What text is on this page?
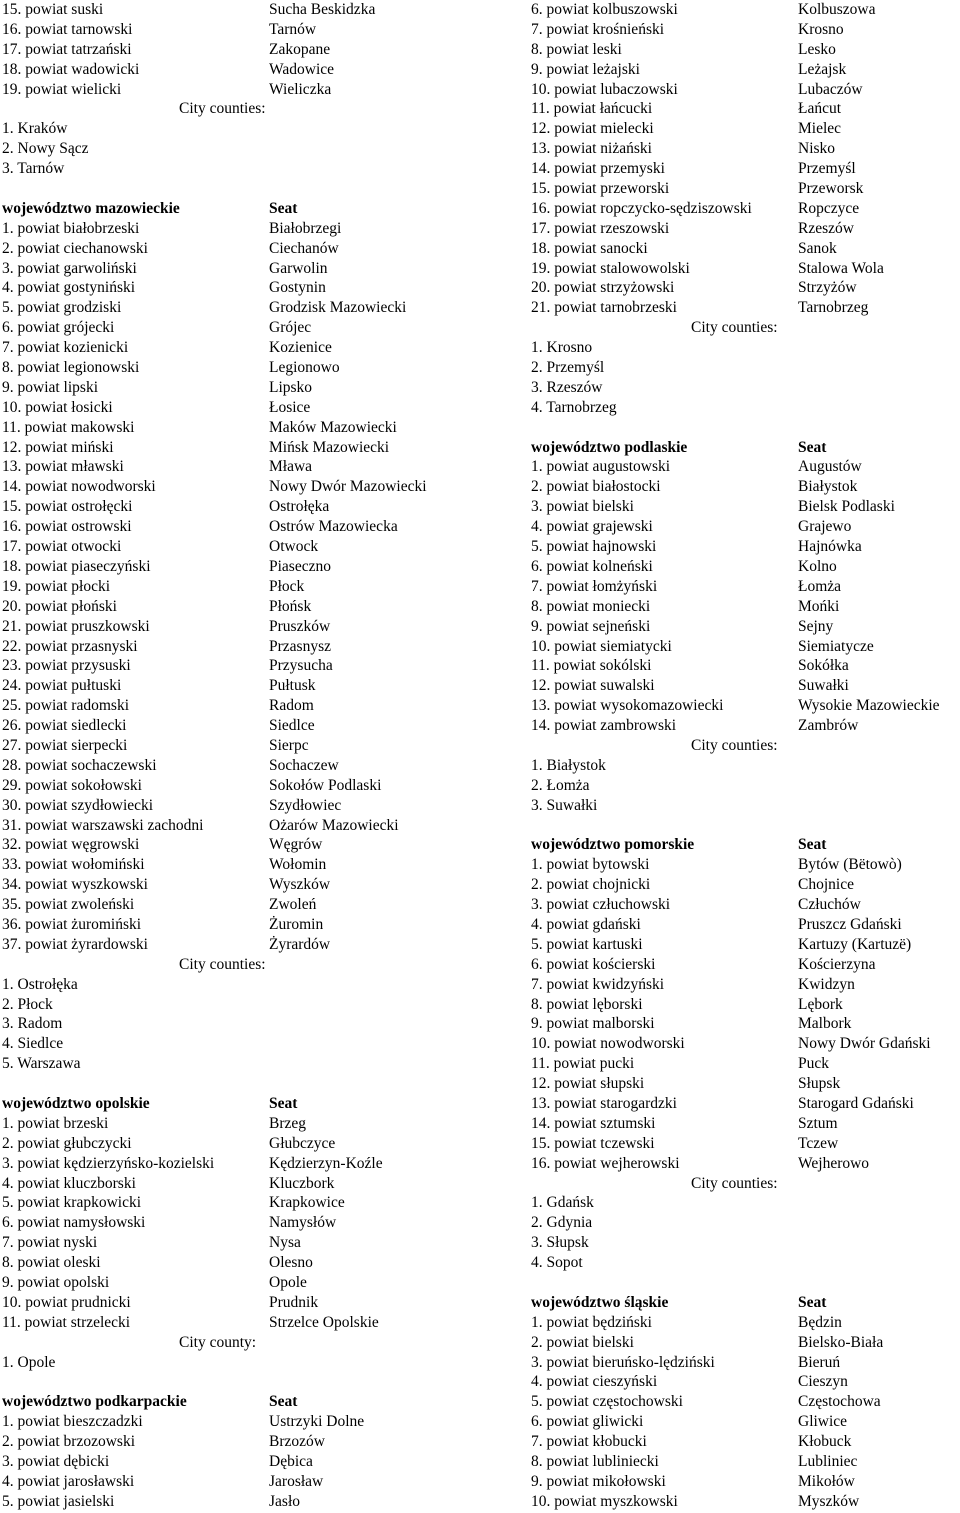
15. powiat suski	Sucha Beskidzka
16. powiat tarnowski	Tarnów
17. powiat tatrzański	Zakopane
18. powiat wadowicki	Wadowice
19. powiat wielicki	Wieliczka
City counties:
1. Kraków
2. Nowy Sącz
3. Tarnów
województwo mazowieckie	Seat
1. powiat białobrzeski	Białobrzegi
2. powiat ciechanowski	Ciechanów
3. powiat garwoliński	Garwolin
4. powiat gostyniński	Gostynin
5. powiat grodziski	Grodzisk Mazowiecki
6. powiat grójecki	Grójec
7. powiat kozienicki	Kozienice
8. powiat legionowski	Legionowo
9. powiat lipski	Lipsko
10. powiat łosicki	Łosice
11. powiat makowski	Maków Mazowiecki
12. powiat miński	Mińsk Mazowiecki
13. powiat mławski	Mława
14. powiat nowodworski	Nowy Dwór Mazowiecki
15. powiat ostrołęcki	Ostrołęka
16. powiat ostrowski	Ostrów Mazowiecka
17. powiat otwocki	Otwock
18. powiat piaseczyński	Piaseczno
19. powiat płocki	Płock
20. powiat płoński	Płońsk
21. powiat pruszkowski	Pruszków
22. powiat przasnyski	Przasnysz
23. powiat przysuski	Przysucha
24. powiat pułtuski	Pułtusk
25. powiat radomski	Radom
26. powiat siedlecki	Siedlce
27. powiat sierpecki	Sierpc
28. powiat sochaczewski	Sochaczew
29. powiat sokołowski	Sokołów Podlaski
30. powiat szydłowiecki	Szydłowiec
31. powiat warszawski zachodni	Ożarów Mazowiecki
32. powiat węgrowski	Węgrów
33. powiat wołomiński	Wołomin
34. powiat wyszkowski	Wyszków
35. powiat zwoleński	Zwoleń
36. powiat żuromiński	Żuromin
37. powiat żyrardowski	Żyrardów
City counties:
1. Ostrołęka
2. Płock
3. Radom
4. Siedlce
5. Warszawa
województwo opolskie	Seat
1. powiat brzeski	Brzeg
2. powiat głubczycki	Głubczyce
3. powiat kędzierzyńsko-kozielski	Kędzierzyn-Koźle
4. powiat kluczborski	Kluczbork
5. powiat krapkowicki	Krapkowice
6. powiat namysłowski	Namysłów
7. powiat nyski	Nysa
8. powiat oleski	Olesno
9. powiat opolski	Opole
10. powiat prudnicki	Prudnik
11. powiat strzelecki	Strzelce Opolskie
City county:
1. Opole
województwo podkarpackie	Seat
1. powiat bieszczadzki	Ustrzyki Dolne
2. powiat brzozowski	Brzozów
3. powiat dębicki	Dębica
4. powiat jarosławski	Jarosław
5. powiat jasielski	Jasło
6. powiat kolbuszowski	Kolbuszowa
7. powiat krośnieński	Krosno
8. powiat leski	Lesko
9. powiat leżajski	Leżajsk
10. powiat lubaczowski	Lubaczów
11. powiat łańcucki	Łańcut
12. powiat mielecki	Mielec
13. powiat niżański	Nisko
14. powiat przemyski	Przemyśl
15. powiat przeworski	Przeworsk
16. powiat ropczycko-sędziszowski	Ropczyce
17. powiat rzeszowski	Rzeszów
18. powiat sanocki	Sanok
19. powiat stalowowolski	Stalowa Wola
20. powiat strzyżowski	Strzyżów
21. powiat tarnobrzeski	Tarnobrzeg
City counties:
1. Krosno
2. Przemyśl
3. Rzeszów
4. Tarnobrzeg
województwo podlaskie	Seat
1. powiat augustowski	Augustów
2. powiat białostocki	Białystok
3. powiat bielski	Bielsk Podlaski
4. powiat grajewski	Grajewo
5. powiat hajnowski	Hajnówka
6. powiat kolneński	Kolno
7. powiat łomżyński	Łomża
8. powiat moniecki	Mońki
9. powiat sejneński	Sejny
10. powiat siemiatycki	Siemiatycze
11. powiat sokólski	Sokółka
12. powiat suwalski	Suwałki
13. powiat wysokomazowiecki	Wysokie Mazowieckie
14. powiat zambrowski	Zambrów
City counties:
1. Białystok
2. Łomża
3. Suwałki
województwo pomorskie	Seat
1. powiat bytowski	Bytów (Bëtowò)
2. powiat chojnicki	Chojnice
3. powiat człuchowski	Człuchów
4. powiat gdański	Pruszcz Gdański
5. powiat kartuski	Kartuzy (Kartuzë)
6. powiat kościerski	Kościerzyna
7. powiat kwidzyński	Kwidzyn
8. powiat lęborski	Lębork
9. powiat malborski	Malbork
10. powiat nowodworski	Nowy Dwór Gdański
11. powiat pucki	Puck
12. powiat słupski	Słupsk
13. powiat starogardzki	Starogard Gdański
14. powiat sztumski	Sztum
15. powiat tczewski	Tczew
16. powiat wejherowski	Wejherowo
City counties:
1. Gdańsk
2. Gdynia
3. Słupsk
4. Sopot
województwo śląskie	Seat
1. powiat będziński	Będzin
2. powiat bielski	Bielsko-Biała
3. powiat bieruńsko-lędziński	Bieruń
4. powiat cieszyński	Cieszyn
5. powiat częstochowski	Częstochowa
6. powiat gliwicki	Gliwice
7. powiat kłobucki	Kłobuck
8. powiat lubliniecki	Lubliniec
9. powiat mikołowski	Mikołów
10. powiat myszkowski	Myszków
